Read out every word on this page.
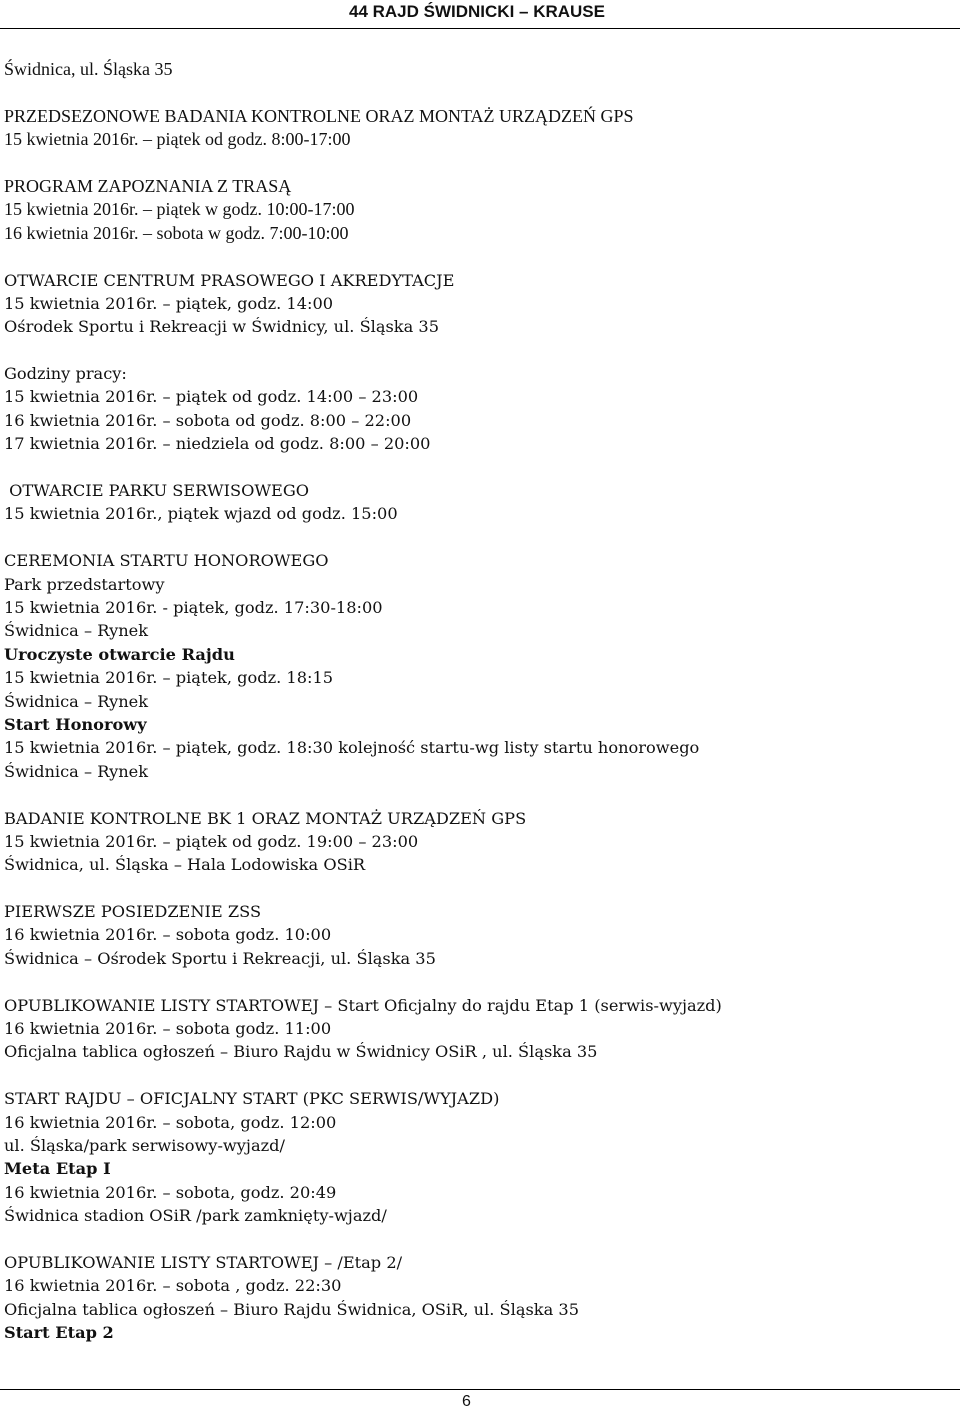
44 RAJD ŚWIDNICKI – KRAUSE
Świdnica, ul. Śląska 35
PRZEDSEZONOWE BADANIA KONTROLNE ORAZ MONTAŻ URZĄDZEŃ GPS
15 kwietnia 2016r. – piątek od godz. 8:00-17:00
PROGRAM ZAPOZNANIA Z TRASĄ
15 kwietnia 2016r. – piątek w godz. 10:00-17:00
16 kwietnia 2016r. – sobota w godz. 7:00-10:00
OTWARCIE CENTRUM PRASOWEGO I AKREDYTACJE
15 kwietnia 2016r. – piątek, godz. 14:00
Ośrodek Sportu i Rekreacji w Świdnicy, ul. Śląska 35
Godziny pracy:
15 kwietnia 2016r. – piątek od godz. 14:00 – 23:00
16 kwietnia 2016r. – sobota od godz. 8:00 – 22:00
17 kwietnia 2016r. – niedziela od godz. 8:00 – 20:00
OTWARCIE PARKU SERWISOWEGO
15 kwietnia 2016r., piątek wjazd od godz. 15:00
CEREMONIA STARTU HONOROWEGO
Park przedstartowy
15 kwietnia 2016r. - piątek, godz. 17:30-18:00
Świdnica – Rynek
Uroczyste otwarcie Rajdu
15 kwietnia 2016r. – piątek, godz. 18:15
Świdnica – Rynek
Start Honorowy
15 kwietnia 2016r. – piątek, godz. 18:30 kolejność startu-wg listy startu honorowego
Świdnica – Rynek
BADANIE KONTROLNE BK 1 ORAZ MONTAŻ URZĄDZEŃ GPS
15 kwietnia 2016r. – piątek od godz. 19:00 – 23:00
Świdnica, ul. Śląska – Hala Lodowiska OSiR
PIERWSZE POSIEDZENIE ZSS
16 kwietnia 2016r. – sobota godz. 10:00
Świdnica – Ośrodek Sportu i Rekreacji, ul. Śląska 35
OPUBLIKOWANIE LISTY STARTOWEJ – Start Oficjalny do rajdu Etap 1 (serwis-wyjazd)
16 kwietnia 2016r. – sobota godz. 11:00
Oficjalna tablica ogłoszeń – Biuro Rajdu w Świdnicy OSiR , ul. Śląska 35
START RAJDU – OFICJALNY START (PKC SERWIS/WYJAZD)
16 kwietnia 2016r. – sobota, godz. 12:00
ul. Śląska/park serwisowy-wyjazd/
Meta Etap I
16 kwietnia 2016r. – sobota, godz. 20:49
Świdnica stadion OSiR /park zamknięty-wjazd/
OPUBLIKOWANIE LISTY STARTOWEJ – /Etap 2/
16 kwietnia 2016r. – sobota , godz. 22:30
Oficjalna tablica ogłoszeń – Biuro Rajdu Świdnica, OSiR, ul. Śląska 35
Start Etap 2
6
